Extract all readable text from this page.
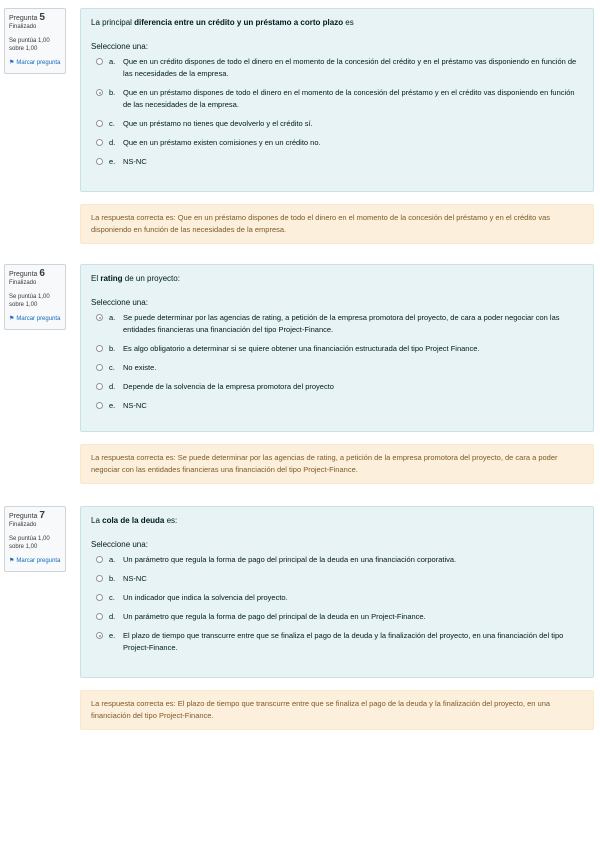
Pregunta 5
Finalizado
Se puntúa 1,00 sobre 1,00
⚑ Marcar pregunta
La principal diferencia entre un crédito y un préstamo a corto plazo es
Seleccione una:
a.	Que en un crédito dispones de todo el dinero en el momento de la concesión del crédito y en el préstamo vas disponiendo en función de las necesidades de la empresa.
b.	Que en un préstamo dispones de todo el dinero en el momento de la concesión del préstamo y en el crédito vas disponiendo en función de las necesidades de la empresa.
c.	Que un préstamo no tienes que devolverlo y el crédito sí.
d.	Que en un préstamo existen comisiones y en un crédito no.
e.	NS-NC
La respuesta correcta es: Que en un préstamo dispones de todo el dinero en el momento de la concesión del préstamo y en el crédito vas disponiendo en función de las necesidades de la empresa.
Pregunta 6
Finalizado
Se puntúa 1,00 sobre 1,00
⚑ Marcar pregunta
El rating de un proyecto:
Seleccione una:
a.	Se puede determinar por las agencias de rating, a petición de la empresa promotora del proyecto, de cara a poder negociar con las entidades financieras una financiación del tipo Project-Finance.
b.	Es algo obligatorio a determinar si se quiere obtener una financiación estructurada del tipo Project Finance.
c.	No existe.
d.	Depende de la solvencia de la empresa promotora del proyecto
e.	NS-NC
La respuesta correcta es: Se puede determinar por las agencias de rating, a petición de la empresa promotora del proyecto, de cara a poder negociar con las entidades financieras una financiación del tipo Project-Finance.
Pregunta 7
Finalizado
Se puntúa 1,00 sobre 1,00
⚑ Marcar pregunta
La cola de la deuda es:
Seleccione una:
a.	Un parámetro que regula la forma de pago del principal de la deuda en una financiación corporativa.
b.	NS-NC
c.	Un indicador que indica la solvencia del proyecto.
d.	Un parámetro que regula la forma de pago del principal de la deuda en un Project-Finance.
e.	El plazo de tiempo que transcurre entre que se finaliza el pago de la deuda y la finalización del proyecto, en una financiación del tipo Project-Finance.
La respuesta correcta es: El plazo de tiempo que transcurre entre que se finaliza el pago de la deuda y la finalización del proyecto, en una financiación del tipo Project-Finance.
